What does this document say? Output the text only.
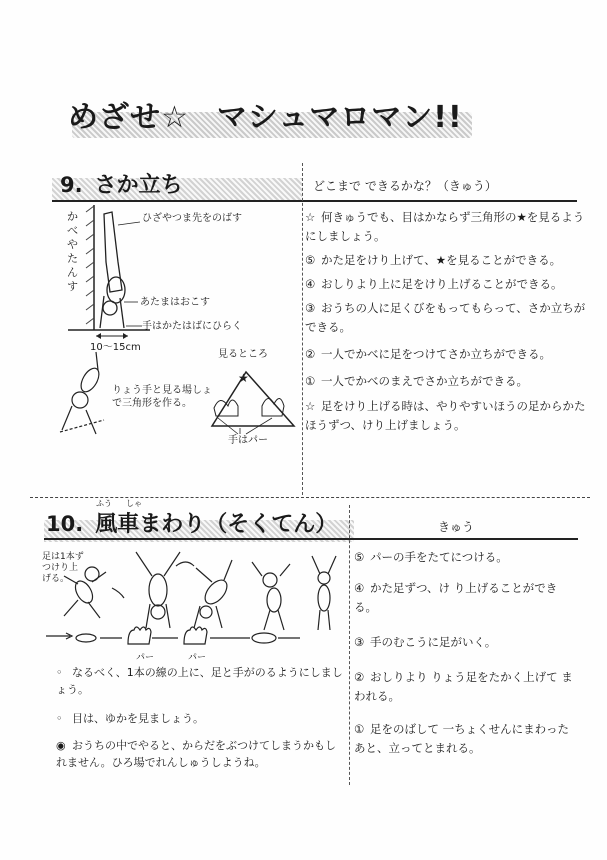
めざせ☆ マシュマロマン!!
9. さか立ち	どこまで できるかな？（きゅう）
★
かべやたんす
ひざやつま先をのばす
あたまはおこす
手はかたはばにひらく
10〜15cm
りょう手と見る場しょで三角形を作る。
見るところ
手はパー
☆ 何きゅうでも、目はかならず三角形の★を見るようにしましょう。
⑤ かた足をけり上げて、★を見ることができる。
④ おしりより上に足をけり上げることができる。
③ おうちの人に足くびをもってもらって、さか立ちができる。
② 一人でかべに足をつけてさか立ちができる。
① 一人でかべのまえでさか立ちができる。
☆ 足をけり上げる時は、やりやすいほうの足からかたほうずつ、けり上げましょう。
ふう しゃ
10. 風車まわり（そくてん）	きゅう
足は1本ずつけり上げる。
パー	パー
◦ なるべく、1本の線の上に、足と手がのるようにしましょう。
◦ 目は、ゆかを見ましょう。
◉ おうちの中でやると、からだをぶつけてしまうかもしれません。ひろ場でれんしゅうしようね。
⑤ パーの手をたてにつける。
④ かた足ずつ、け り上げることができる。
③ 手のむこうに足がいく。
② おしりより りょう足をたかく上げて まわれる。
① 足をのばして 一ちょくせんにまわったあと、立ってとまれる。
